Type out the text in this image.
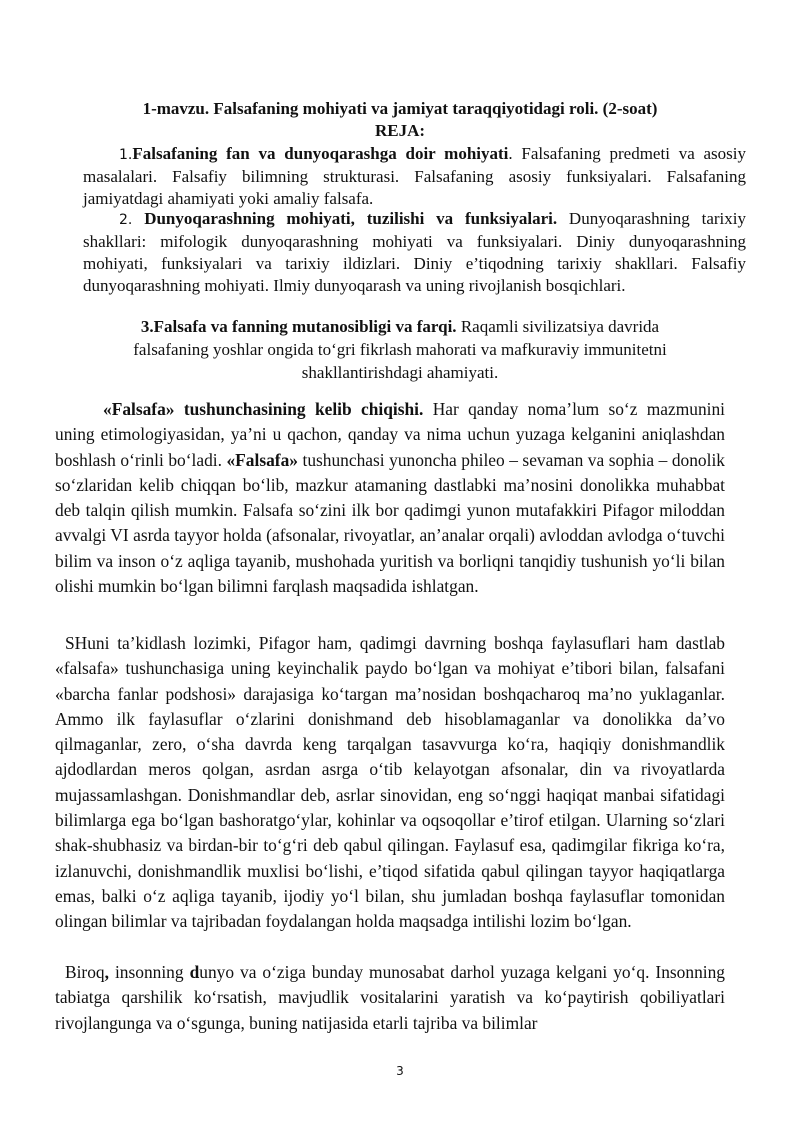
1-mavzu. Falsafaning mohiyati va jamiyat taraqqiyotidagi roli. (2-soat)
REJA:
1.Falsafaning fan va dunyoqarashga doir mohiyati. Falsafaning predmeti va asosiy masalalari. Falsafiy bilimning strukturasi. Falsafaning asosiy funksiyalari. Falsafaning jamiyatdagi ahamiyati yoki amaliy falsafa.
2. Dunyoqarashning mohiyati, tuzilishi va funksiyalari. Dunyoqarashning tarixiy shakllari: mifologik dunyoqarashning mohiyati va funksiyalari. Diniy dunyoqarashning mohiyati, funksiyalari va tarixiy ildizlari. Diniy e’tiqodning tarixiy shakllari. Falsafiy dunyoqarashning mohiyati. Ilmiy dunyoqarash va uning rivojlanish bosqichlari.
3.Falsafa va fanning mutanosibligi va farqi. Raqamli sivilizatsiya davrida falsafaning yoshlar ongida to‘gri fikrlash mahorati va mafkuraviy immunitetni shakllantirishdagi ahamiyati.
«Falsafa» tushunchasining kelib chiqishi. Har qanday noma’lum so‘z mazmunini uning etimologiyasidan, ya’ni u qachon, qanday va nima uchun yuzaga kelganini aniqlashdan boshlash o‘rinli bo‘ladi. «Falsafa» tushunchasi yunoncha phileo – sevaman va sophia – donolik so‘zlaridan kelib chiqqan bo‘lib, mazkur atamaning dastlabki ma’nosini donolikka muhabbat deb talqin qilish mumkin. Falsafa so‘zini ilk bor qadimgi yunon mutafakkiri Pifagor miloddan avvalgi VI asrda tayyor holda (afsonalar, rivoyatlar, an’analar orqali) avloddan avlodga o‘tuvchi bilim va inson o‘z aqliga tayanib, mushohada yuritish va borliqni tanqidiy tushunish yo‘li bilan olishi mumkin bo‘lgan bilimni farqlash maqsadida ishlatgan.
SHuni ta’kidlash lozimki, Pifagor ham, qadimgi davrning boshqa faylasuflari ham dastlab «falsafa» tushunchasiga uning keyinchalik paydo bo‘lgan va mohiyat e’tibori bilan, falsafani «barcha fanlar podshosi» darajasiga ko‘targan ma’nosidan boshqacharoq ma’no yuklaganlar. Ammo ilk faylasuflar o‘zlarini donishmand deb hisoblamaganlar va donolikka da’vo qilmaganlar, zero, o‘sha davrda keng tarqalgan tasavvurga ko‘ra, haqiqiy donishmandlik ajdodlardan meros qolgan, asrdan asrga o‘tib kelayotgan afsonalar, din va rivoyatlarda mujassamlashgan. Donishmandlar deb, asrlar sinovidan, eng so‘nggi haqiqat manbai sifatidagi bilimlarga ega bo‘lgan bashoratgo‘ylar, kohinlar va oqsoqollar e’tirof etilgan. Ularning so‘zlari shak-shubhasiz va birdan-bir to‘g‘ri deb qabul qilingan. Faylasuf esa, qadimgilar fikriga ko‘ra, izlanuvchi, donishmandlik muxlisi bo‘lishi, e’tiqod sifatida qabul qilingan tayyor haqiqatlarga emas, balki o‘z aqliga tayanib, ijodiy yo‘l bilan, shu jumladan boshqa faylasuflar tomonidan olingan bilimlar va tajribadan foydalangan holda maqsadga intilishi lozim bo‘lgan.
Biroq, insonning dunyo va o‘ziga bunday munosabat darhol yuzaga kelgani yo‘q. Insonning tabiatga qarshilik ko‘rsatish, mavjudlik vositalarini yaratish va ko‘paytirish qobiliyatlari rivojlangunga va o‘sgunga, buning natijasida etarli tajriba va bilimlar
3
